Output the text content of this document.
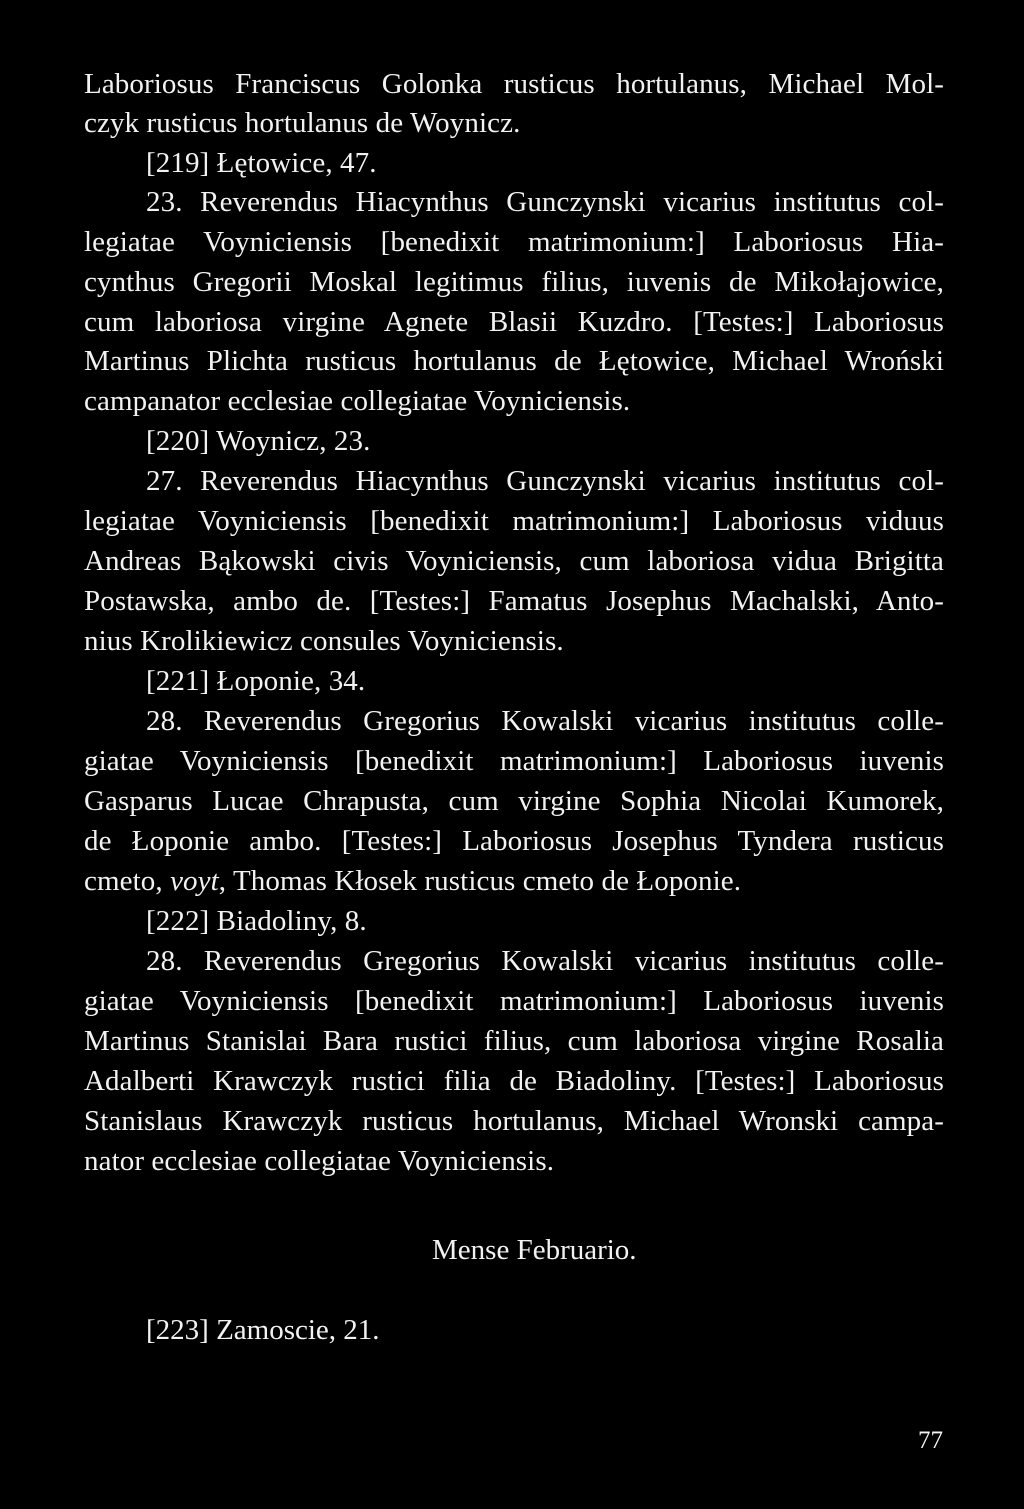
Laboriosus Franciscus Golonka rusticus hortulanus, Michael Mol-
czyk rusticus hortulanus de Woynicz.
[219] Łętowice, 47.
23. Reverendus Hiacynthus Gunczynski vicarius institutus col-
legiatae Voyniciensis [benedixit matrimonium:] Laboriosus Hia-
cynthus Gregorii Moskal legitimus filius, iuvenis de Mikołajowice,
cum laboriosa virgine Agnete Blasii Kuzdro. [Testes:] Laboriosus
Martinus Plichta rusticus hortulanus de Łętowice, Michael Wroński
campanator ecclesiae collegiatae Voyniciensis.
[220] Woynicz, 23.
27. Reverendus Hiacynthus Gunczynski vicarius institutus col-
legiatae Voyniciensis [benedixit matrimonium:] Laboriosus viduus
Andreas Bąkowski civis Voyniciensis, cum laboriosa vidua Brigitta
Postawska, ambo de. [Testes:] Famatus Josephus Machalski, Anto-
nius Krolikiewicz consules Voyniciensis.
[221] Łoponie, 34.
28. Reverendus Gregorius Kowalski vicarius institutus colle-
giatae Voyniciensis [benedixit matrimonium:] Laboriosus iuvenis
Gasparus Lucae Chrapusta, cum virgine Sophia Nicolai Kumorek,
de Łoponie ambo. [Testes:] Laboriosus Josephus Tyndera rusticus
cmeto, voyt, Thomas Kłosek rusticus cmeto de Łoponie.
[222] Biadoliny, 8.
28. Reverendus Gregorius Kowalski vicarius institutus colle-
giatae Voyniciensis [benedixit matrimonium:] Laboriosus iuvenis
Martinus Stanislai Bara rustici filius, cum laboriosa virgine Rosalia
Adalberti Krawczyk rustici filia de Biadoliny. [Testes:] Laboriosus
Stanislaus Krawczyk rusticus hortulanus, Michael Wronski campa-
nator ecclesiae collegiatae Voyniciensis.
Mense Februario.
[223] Zamoscie, 21.
77
